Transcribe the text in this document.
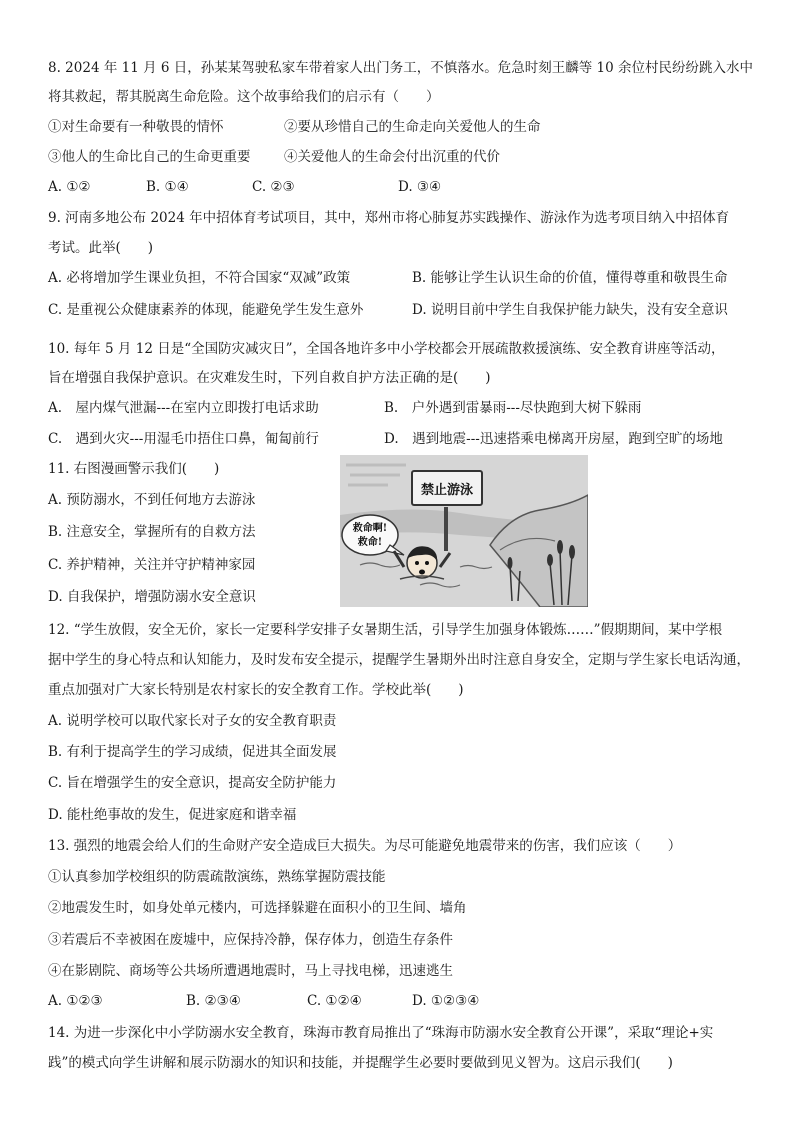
8. 2024 年 11 月 6 日，孙某某驾驶私家车带着家人出门务工，不慎落水。危急时刻王麟等 10 余位村民纷纷跳入水中
将其救起，帮其脱离生命危险。这个故事给我们的启示有（　　）
①对生命要有一种敬畏的情怀	②要从珍惜自己的生命走向关爱他人的生命
③他人的生命比自己的生命更重要 ④关爱他人的生命会付出沉重的代价
A. ①②	B. ①④	C. ②③	D. ③④
9. 河南多地公布 2024 年中招体育考试项目，其中，郑州市将心肺复苏实践操作、游泳作为选考项目纳入中招体育
考试。此举(　　)
A. 必将增加学生课业负担，不符合国家“双减”政策	B. 能够让学生认识生命的价值，懂得尊重和敬畏生命
C. 是重视公众健康素养的体现，能避免学生发生意外	D. 说明目前中学生自我保护能力缺失，没有安全意识
10. 每年 5 月 12 日是“全国防灾减灾日”，全国各地许多中小学校都会开展疏散救援演练、安全教育讲座等活动，
旨在增强自我保护意识。在灾难发生时，下列自救自护方法正确的是(　　)
A.　屋内煤气泄漏---在室内立即拨打电话求助	B.　户外遇到雷暴雨---尽快跑到大树下躲雨
C.　遇到火灾---用湿毛巾捂住口鼻，匍匐前行	D.　遇到地震---迅速搭乘电梯离开房屋，跑到空旷的场地
11. 右图漫画警示我们(　　)
A. 预防溺水，不到任何地方去游泳
B. 注意安全，掌握所有的自救方法
C. 养护精神，关注并守护精神家园
D. 自我保护，增强防溺水安全意识
禁止游泳
救命啊!
救命!
12. “学生放假，安全无价，家长一定要科学安排子女暑期生活，引导学生加强身体锻炼……”假期期间，某中学根
据中学生的身心特点和认知能力，及时发布安全提示，提醒学生暑期外出时注意自身安全，定期与学生家长电话沟通，
重点加强对广大家长特别是农村家长的安全教育工作。学校此举(　　)
A. 说明学校可以取代家长对子女的安全教育职责
B. 有利于提高学生的学习成绩，促进其全面发展
C. 旨在增强学生的安全意识，提高安全防护能力
D. 能杜绝事故的发生，促进家庭和谐幸福
13. 强烈的地震会给人们的生命财产安全造成巨大损失。为尽可能避免地震带来的伤害，我们应该（　　）
①认真参加学校组织的防震疏散演练，熟练掌握防震技能
②地震发生时，如身处单元楼内，可选择躲避在面积小的卫生间、墙角
③若震后不幸被困在废墟中，应保持冷静，保存体力，创造生存条件
④在影剧院、商场等公共场所遭遇地震时，马上寻找电梯，迅速逃生
A. ①②③	B. ②③④	C. ①②④	D. ①②③④
14. 为进一步深化中小学防溺水安全教育，珠海市教育局推出了“珠海市防溺水安全教育公开课”，采取“理论+实
践”的模式向学生讲解和展示防溺水的知识和技能，并提醒学生必要时要做到见义智为。这启示我们(　　)
